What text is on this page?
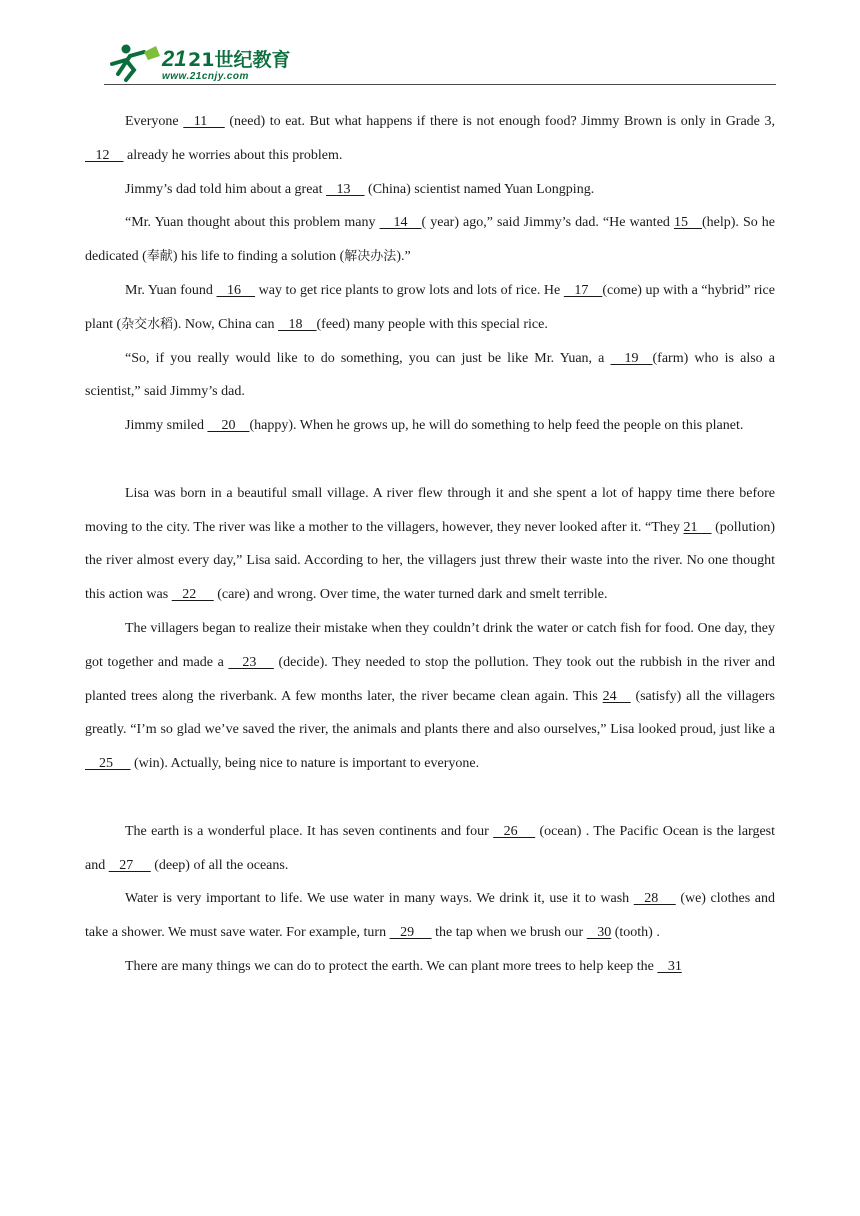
21 21世纪教育
www.21cnjy.com

Everyone    11      (need) to eat. But what happens if there is not enough food? Jimmy Brown is only in Grade 3,    12     already he worries about this problem.

Jimmy’s dad told him about a great    13     (China) scientist named Yuan Longping.

“Mr. Yuan thought about this problem many     14    ( year) ago,” said Jimmy’s dad. “He wanted 15    (help). So he dedicated (奉献) his life to finding a solution (解决办法).”

Mr. Yuan found    16     way to get rice plants to grow lots and lots of rice. He    17    (come) up with a “hybrid” rice plant (杂交水稻). Now, China can    18    (feed) many people with this special rice.

“So, if you really would like to do something, you can just be like Mr. Yuan, a     19    (farm) who is also a scientist,” said Jimmy’s dad.

Jimmy smiled     20    (happy). When he grows up, he will do something to help feed the people on this planet.

Lisa was born in a beautiful small village. A river flew through it and she spent a lot of happy time there before moving to the city. The river was like a mother to the villagers, however, they never looked after it. “They 21     (pollution) the river almost every day,” Lisa said. According to her, the villagers just threw their waste into the river. No one thought this action was    22      (care) and wrong. Over time, the water turned dark and smelt terrible.

The villagers began to realize their mistake when they couldn’t drink the water or catch fish for food. One day, they got together and made a     23      (decide). They needed to stop the pollution. They took out the rubbish in the river and planted trees along the riverbank. A few months later, the river became clean again. This 24     (satisfy) all the villagers greatly. “I’m so glad we’ve saved the river, the animals and plants there and also ourselves,” Lisa looked proud, just like a     25      (win). Actually, being nice to nature is important to everyone.

The earth is a wonderful place. It has seven continents and four    26      (ocean) . The Pacific Ocean is the largest and    27      (deep) of all the oceans.

Water is very important to life. We use water in many ways. We drink it, use it to wash    28      (we) clothes and take a shower. We must save water. For example, turn    29      the tap when we brush our    30 (tooth) .

There are many things we can do to protect the earth. We can plant more trees to help keep the    31
